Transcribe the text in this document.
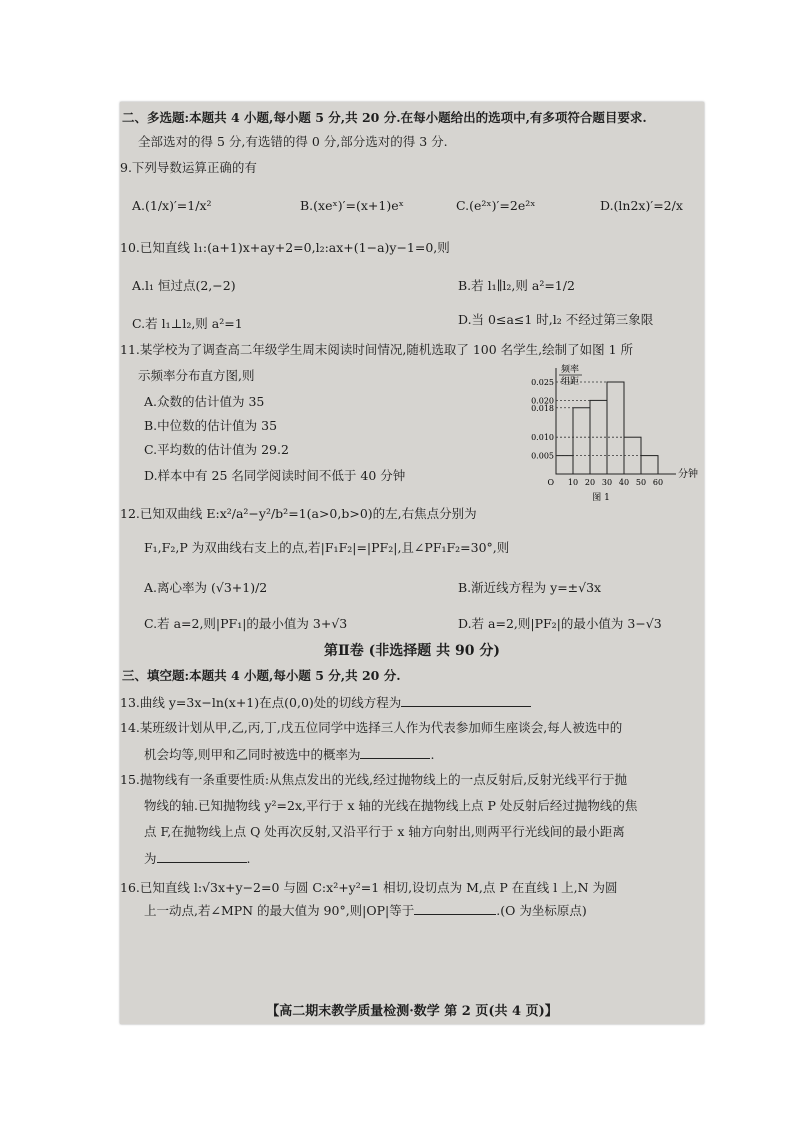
二、多选题:本题共 4 小题,每小题 5 分,共 20 分.在每小题给出的选项中,有多项符合题目要求.
全部选对的得 5 分,有选错的得 0 分,部分选对的得 3 分.
9.下列导数运算正确的有
A.(1/x)′=1/x²	B.(xeˣ)′=(x+1)eˣ	C.(e²ˣ)′=2e²ˣ	D.(ln2x)′=2/x
10.已知直线 l₁:(a+1)x+ay+2=0,l₂:ax+(1−a)y−1=0,则
A.l₁ 恒过点(2,−2)	B.若 l₁∥l₂,则 a²=1/2
C.若 l₁⊥l₂,则 a²=1	D.当 0≤a≤1 时,l₂ 不经过第三象限
11.某学校为了调查高二年级学生周末阅读时间情况,随机选取了 100 名学生,绘制了如图 1 所
示频率分布直方图,则
A.众数的估计值为 35
B.中位数的估计值为 35
C.平均数的估计值为 29.2
D.样本中有 25 名同学阅读时间不低于 40 分钟
0.005
0.010
0.018
0.020
0.025
10 20 30 40 50 60
O
分钟
频率
组距
图 1
12.已知双曲线 E:x²/a²−y²/b²=1(a>0,b>0)的左,右焦点分别为
F₁,F₂,P 为双曲线右支上的点,若|F₁F₂|=|PF₂|,且∠PF₁F₂=30°,则
A.离心率为 (√3+1)/2	B.渐近线方程为 y=±√3x
C.若 a=2,则|PF₁|的最小值为 3+√3	D.若 a=2,则|PF₂|的最小值为 3−√3
第Ⅱ卷 (非选择题 共 90 分)
三、填空题:本题共 4 小题,每小题 5 分,共 20 分.
13.曲线 y=3x−ln(x+1)在点(0,0)处的切线方程为
14.某班级计划从甲,乙,丙,丁,戊五位同学中选择三人作为代表参加师生座谈会,每人被选中的
机会均等,则甲和乙同时被选中的概率为	.
15.抛物线有一条重要性质:从焦点发出的光线,经过抛物线上的一点反射后,反射光线平行于抛
物线的轴.已知抛物线 y²=2x,平行于 x 轴的光线在抛物线上点 P 处反射后经过抛物线的焦
点 F,在抛物线上点 Q 处再次反射,又沿平行于 x 轴方向射出,则两平行光线间的最小距离
为	.
16.已知直线 l:√3x+y−2=0 与圆 C:x²+y²=1 相切,设切点为 M,点 P 在直线 l 上,N 为圆
上一动点,若∠MPN 的最大值为 90°,则|OP|等于	.(O 为坐标原点)
【高二期末教学质量检测·数学 第 2 页(共 4 页)】
